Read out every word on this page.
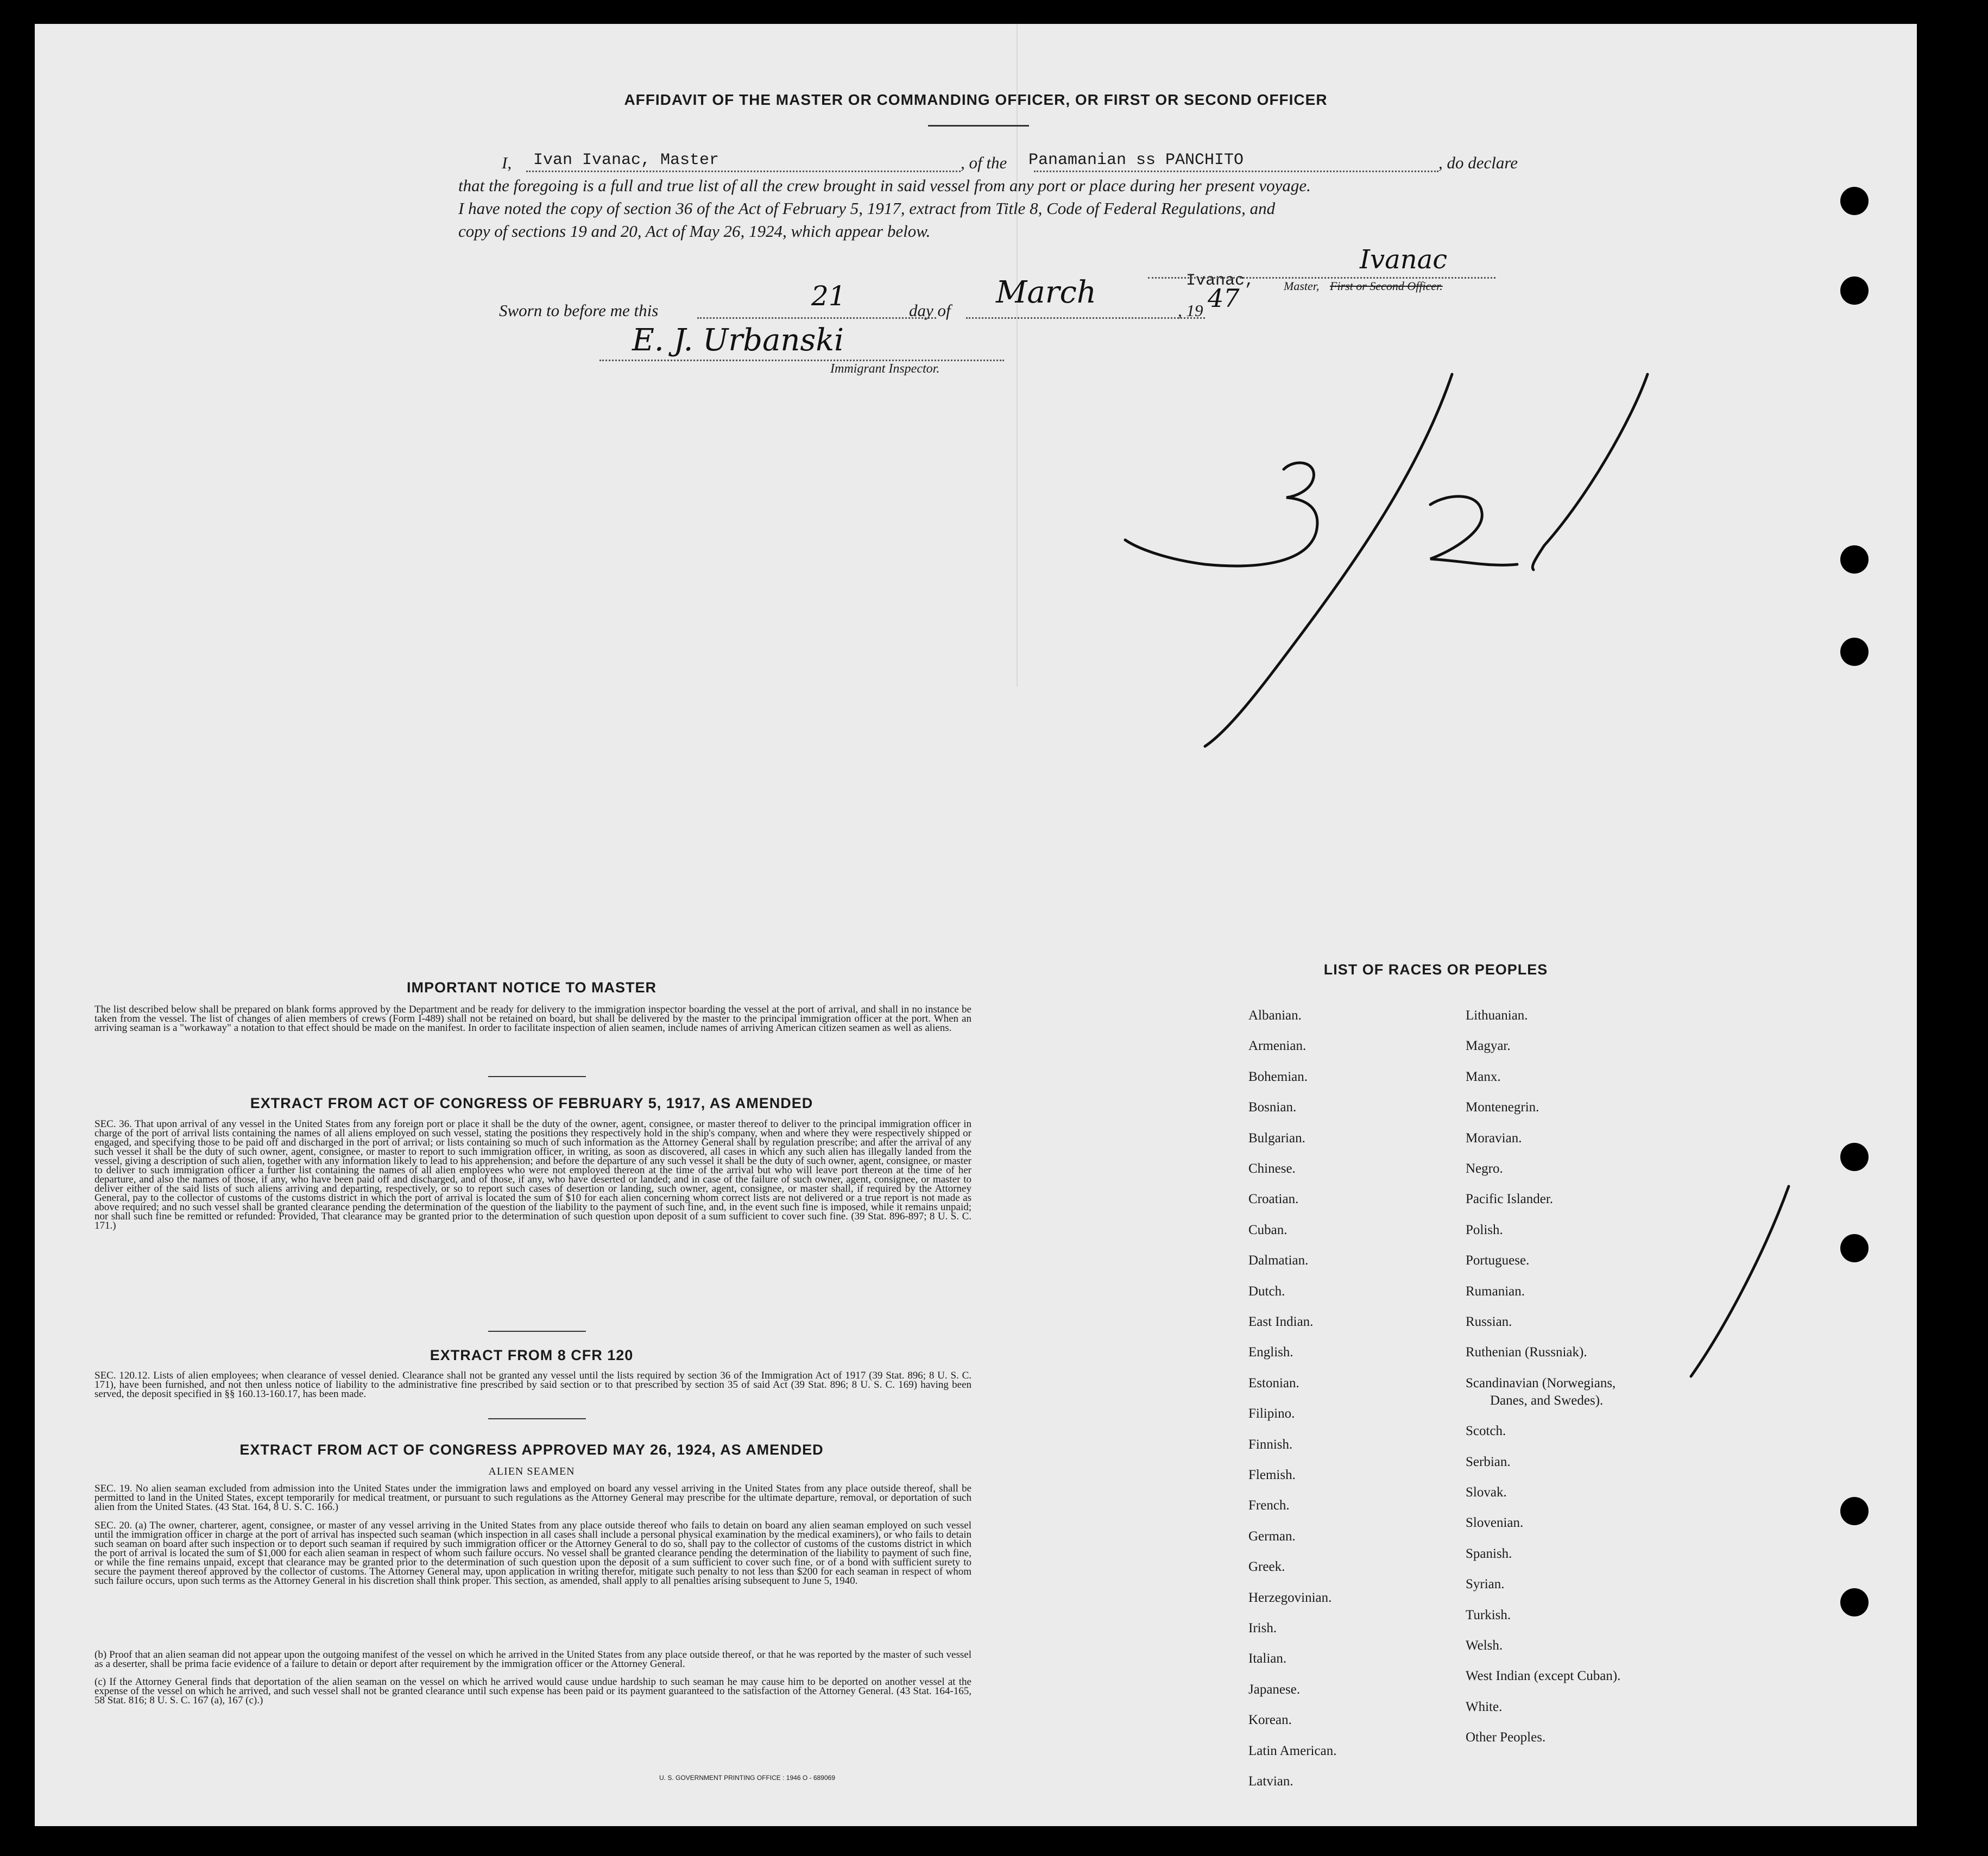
AFFIDAVIT OF THE MASTER OR COMMANDING OFFICER, OR FIRST OR SECOND OFFICER
I, Ivan Ivanac, Master	, of the Panamanian ss PANCHITO	, do declare
that the foregoing is a full and true list of all the crew brought in said vessel from any port or place during her present voyage.
I have noted the copy of section 36 of the Act of February 5, 1917, extract from Title 8, Code of Federal Regulations, and
copy of sections 19 and 20, Act of May 26, 1924, which appear below.
Sworn to before me this	21	day of
March
, 19 47
Ivanac,
Ivanac
Master, First or Second Officer.
E. J. Urbanski
Immigrant Inspector.
IMPORTANT NOTICE TO MASTER
The list described below shall be prepared on blank forms approved by the Department and be ready for delivery to the immigration inspector boarding the vessel at the port of arrival, and shall in no instance be taken from the vessel. The list of changes of alien members of crews (Form I-489) shall not be retained on board, but shall be delivered by the master to the principal immigration officer at the port. When an arriving seaman is a "workaway" a notation to that effect should be made on the manifest. In order to facilitate inspection of alien seamen, include names of arriving American citizen seamen as well as aliens.
EXTRACT FROM ACT OF CONGRESS OF FEBRUARY 5, 1917, AS AMENDED
SEC. 36. That upon arrival of any vessel in the United States from any foreign port or place it shall be the duty of the owner, agent, consignee, or master thereof to deliver to the principal immigration officer in charge of the port of arrival lists containing the names of all aliens employed on such vessel, stating the positions they respectively hold in the ship's company, when and where they were respectively shipped or engaged, and specifying those to be paid off and discharged in the port of arrival; or lists containing so much of such information as the Attorney General shall by regulation prescribe; and after the arrival of any such vessel it shall be the duty of such owner, agent, consignee, or master to report to such immigration officer, in writing, as soon as discovered, all cases in which any such alien has illegally landed from the vessel, giving a description of such alien, together with any information likely to lead to his apprehension; and before the departure of any such vessel it shall be the duty of such owner, agent, consignee, or master to deliver to such immigration officer a further list containing the names of all alien employees who were not employed thereon at the time of the arrival but who will leave port thereon at the time of her departure, and also the names of those, if any, who have been paid off and discharged, and of those, if any, who have deserted or landed; and in case of the failure of such owner, agent, consignee, or master to deliver either of the said lists of such aliens arriving and departing, respectively, or so to report such cases of desertion or landing, such owner, agent, consignee, or master shall, if required by the Attorney General, pay to the collector of customs of the customs district in which the port of arrival is located the sum of $10 for each alien concerning whom correct lists are not delivered or a true report is not made as above required; and no such vessel shall be granted clearance pending the determination of the question of the liability to the payment of such fine, and, in the event such fine is imposed, while it remains unpaid; nor shall such fine be remitted or refunded: Provided, That clearance may be granted prior to the determination of such question upon deposit of a sum sufficient to cover such fine. (39 Stat. 896-897; 8 U. S. C. 171.)
EXTRACT FROM 8 CFR 120
SEC. 120.12. Lists of alien employees; when clearance of vessel denied. Clearance shall not be granted any vessel until the lists required by section 36 of the Immigration Act of 1917 (39 Stat. 896; 8 U. S. C. 171), have been furnished, and not then unless notice of liability to the administrative fine prescribed by said section or to that prescribed by section 35 of said Act (39 Stat. 896; 8 U. S. C. 169) having been served, the deposit specified in §§ 160.13-160.17, has been made.
EXTRACT FROM ACT OF CONGRESS APPROVED MAY 26, 1924, AS AMENDED
ALIEN SEAMEN
SEC. 19. No alien seaman excluded from admission into the United States under the immigration laws and employed on board any vessel arriving in the United States from any place outside thereof, shall be permitted to land in the United States, except temporarily for medical treatment, or pursuant to such regulations as the Attorney General may prescribe for the ultimate departure, removal, or deportation of such alien from the United States. (43 Stat. 164, 8 U. S. C. 166.)
SEC. 20. (a) The owner, charterer, agent, consignee, or master of any vessel arriving in the United States from any place outside thereof who fails to detain on board any alien seaman employed on such vessel until the immigration officer in charge at the port of arrival has inspected such seaman (which inspection in all cases shall include a personal physical examination by the medical examiners), or who fails to detain such seaman on board after such inspection or to deport such seaman if required by such immigration officer or the Attorney General to do so, shall pay to the collector of customs of the customs district in which the port of arrival is located the sum of $1,000 for each alien seaman in respect of whom such failure occurs. No vessel shall be granted clearance pending the determination of the liability to payment of such fine, or while the fine remains unpaid, except that clearance may be granted prior to the determination of such question upon the deposit of a sum sufficient to cover such fine, or of a bond with sufficient surety to secure the payment thereof approved by the collector of customs. The Attorney General may, upon application in writing therefor, mitigate such penalty to not less than $200 for each seaman in respect of whom such failure occurs, upon such terms as the Attorney General in his discretion shall think proper. This section, as amended, shall apply to all penalties arising subsequent to June 5, 1940.
(b) Proof that an alien seaman did not appear upon the outgoing manifest of the vessel on which he arrived in the United States from any place outside thereof, or that he was reported by the master of such vessel as a deserter, shall be prima facie evidence of a failure to detain or deport after requirement by the immigration officer or the Attorney General.
(c) If the Attorney General finds that deportation of the alien seaman on the vessel on which he arrived would cause undue hardship to such seaman he may cause him to be deported on another vessel at the expense of the vessel on which he arrived, and such vessel shall not be granted clearance until such expense has been paid or its payment guaranteed to the satisfaction of the Attorney General. (43 Stat. 164-165, 58 Stat. 816; 8 U. S. C. 167 (a), 167 (c).)
U. S. GOVERNMENT PRINTING OFFICE : 1946 O - 689069
LIST OF RACES OR PEOPLES
Albanian.
Armenian.
Bohemian.
Bosnian.
Bulgarian.
Chinese.
Croatian.
Cuban.
Dalmatian.
Dutch.
East Indian.
English.
Estonian.
Filipino.
Finnish.
Flemish.
French.
German.
Greek.
Herzegovinian.
Irish.
Italian.
Japanese.
Korean.
Latin American.
Latvian.
Lithuanian.
Magyar.
Manx.
Montenegrin.
Moravian.
Negro.
Pacific Islander.
Polish.
Portuguese.
Rumanian.
Russian.
Ruthenian (Russniak).
Scandinavian (Norwegians,
Danes, and Swedes).
Scotch.
Serbian.
Slovak.
Slovenian.
Spanish.
Syrian.
Turkish.
Welsh.
West Indian (except Cuban).
White.
Other Peoples.
